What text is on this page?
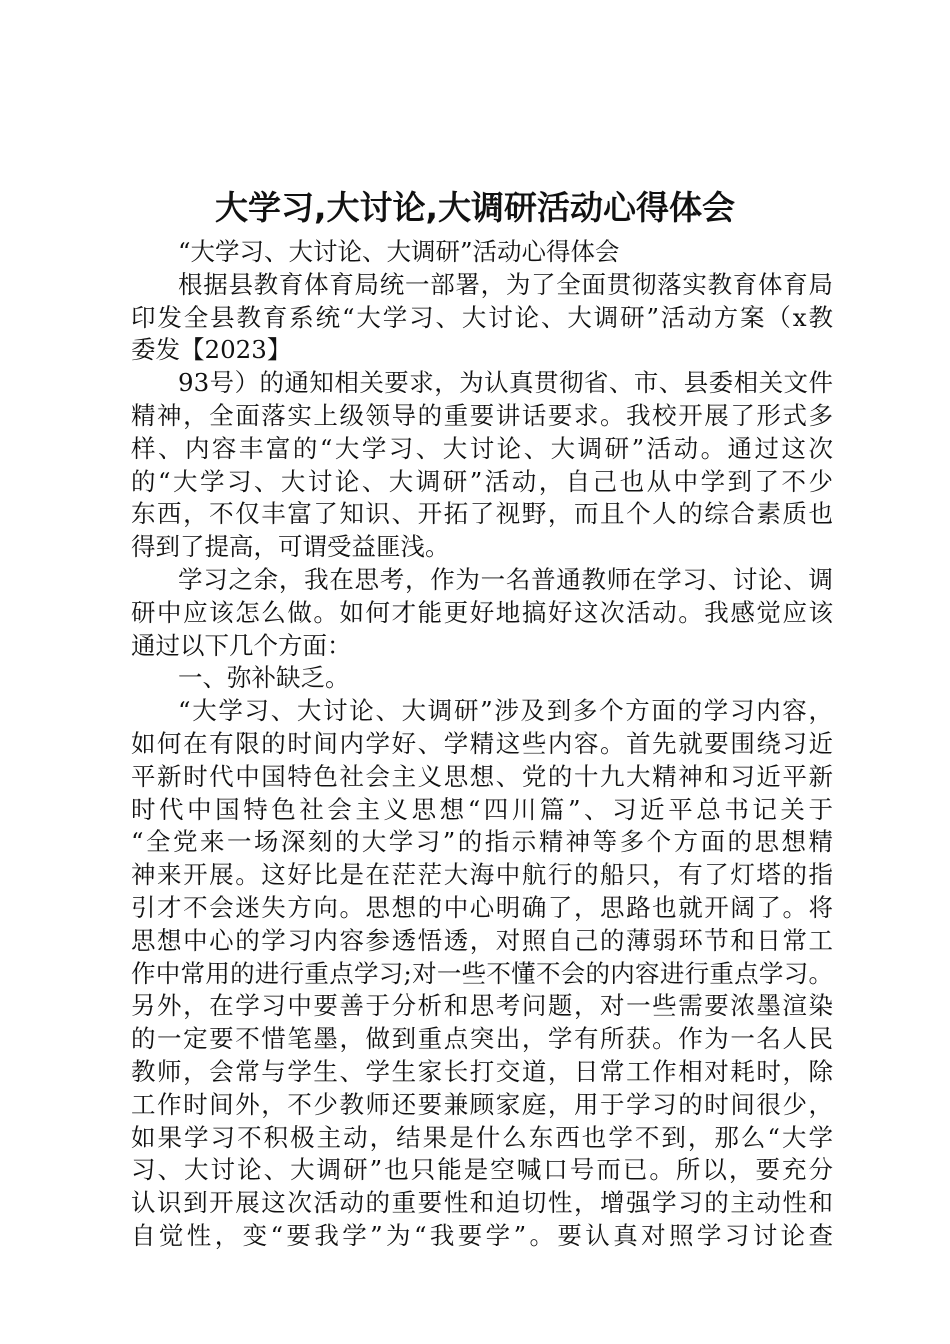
大学习,大讨论,大调研活动心得体会
“大学习、大讨论、大调研”活动心得体会
根据县教育体育局统一部署，为了全面贯彻落实教育体育局
印发全县教育系统“大学习、大讨论、大调研”活动方案（x教
委发【2023】
93号）的通知相关要求，为认真贯彻省、市、县委相关文件
精神，全面落实上级领导的重要讲话要求。我校开展了形式多
样、内容丰富的“大学习、大讨论、大调研”活动。通过这次
的“大学习、大讨论、大调研”活动，自己也从中学到了不少
东西，不仅丰富了知识、开拓了视野，而且个人的综合素质也
得到了提高，可谓受益匪浅。
学习之余，我在思考，作为一名普通教师在学习、讨论、调
研中应该怎么做。如何才能更好地搞好这次活动。我感觉应该
通过以下几个方面：
一、弥补缺乏。
“大学习、大讨论、大调研”涉及到多个方面的学习内容，
如何在有限的时间内学好、学精这些内容。首先就要围绕习近
平新时代中国特色社会主义思想、党的十九大精神和习近平新
时代中国特色社会主义思想“四川篇”、习近平总书记关于
“全党来一场深刻的大学习”的指示精神等多个方面的思想精
神来开展。这好比是在茫茫大海中航行的船只，有了灯塔的指
引才不会迷失方向。思想的中心明确了，思路也就开阔了。将
思想中心的学习内容参透悟透，对照自己的薄弱环节和日常工
作中常用的进行重点学习;对一些不懂不会的内容进行重点学习。
另外，在学习中要善于分析和思考问题，对一些需要浓墨渲染
的一定要不惜笔墨，做到重点突出，学有所获。作为一名人民
教师，会常与学生、学生家长打交道，日常工作相对耗时，除
工作时间外，不少教师还要兼顾家庭，用于学习的时间很少，
如果学习不积极主动，结果是什么东西也学不到，那么“大学
习、大讨论、大调研”也只能是空喊口号而已。所以，要充分
认识到开展这次活动的重要性和迫切性，增强学习的主动性和
自觉性，变“要我学”为“我要学”。要认真对照学习讨论查
